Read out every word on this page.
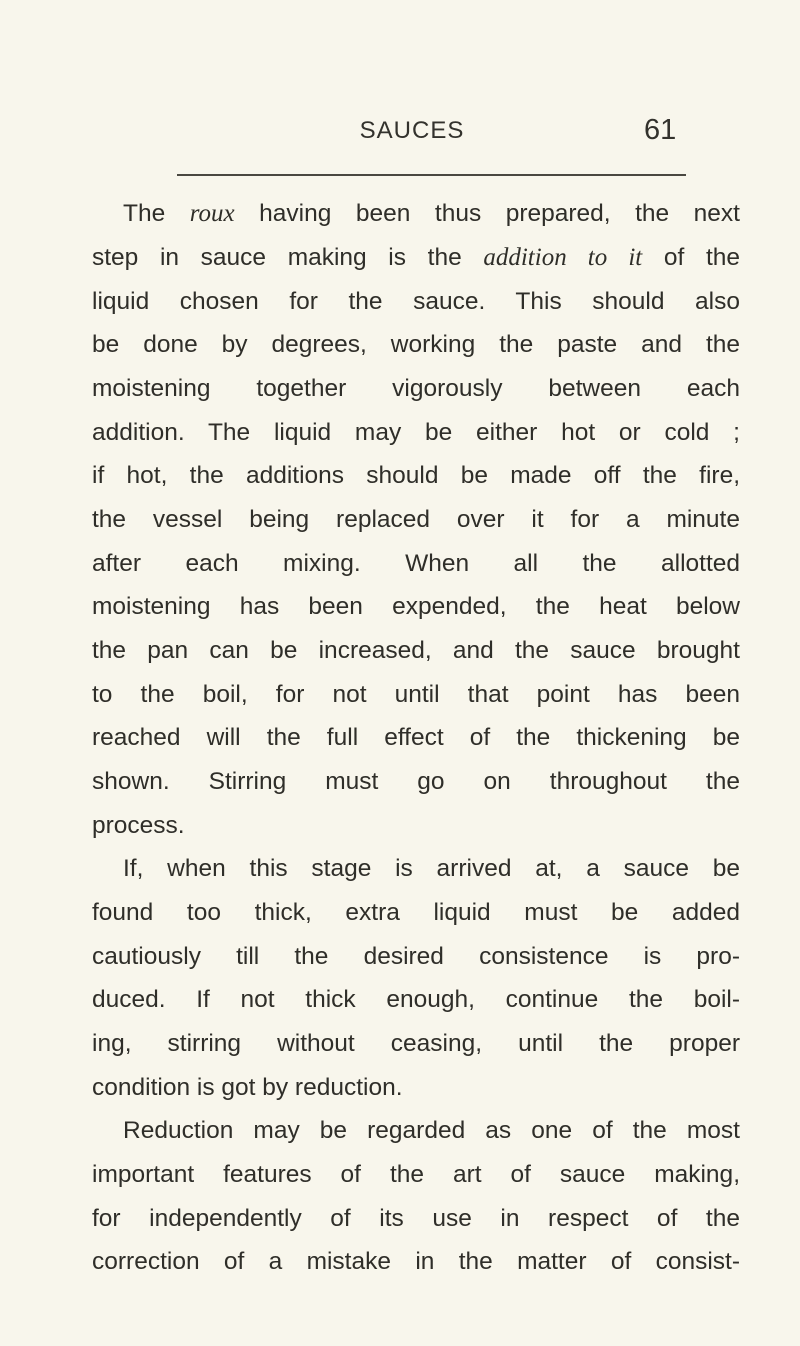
SAUCES	61
The roux having been thus prepared, the next
step in sauce making is the addition to it of the
liquid chosen for the sauce. This should also
be done by degrees, working the paste and the
moistening together vigorously between each
addition. The liquid may be either hot or cold ;
if hot, the additions should be made off the fire,
the vessel being replaced over it for a minute
after each mixing. When all the allotted
moistening has been expended, the heat below
the pan can be increased, and the sauce brought
to the boil, for not until that point has been
reached will the full effect of the thickening be
shown. Stirring must go on throughout the
process.
If, when this stage is arrived at, a sauce be
found too thick, extra liquid must be added
cautiously till the desired consistence is pro-
duced. If not thick enough, continue the boil-
ing, stirring without ceasing, until the proper
condition is got by reduction.
Reduction may be regarded as one of the most
important features of the art of sauce making,
for independently of its use in respect of the
correction of a mistake in the matter of consist-
